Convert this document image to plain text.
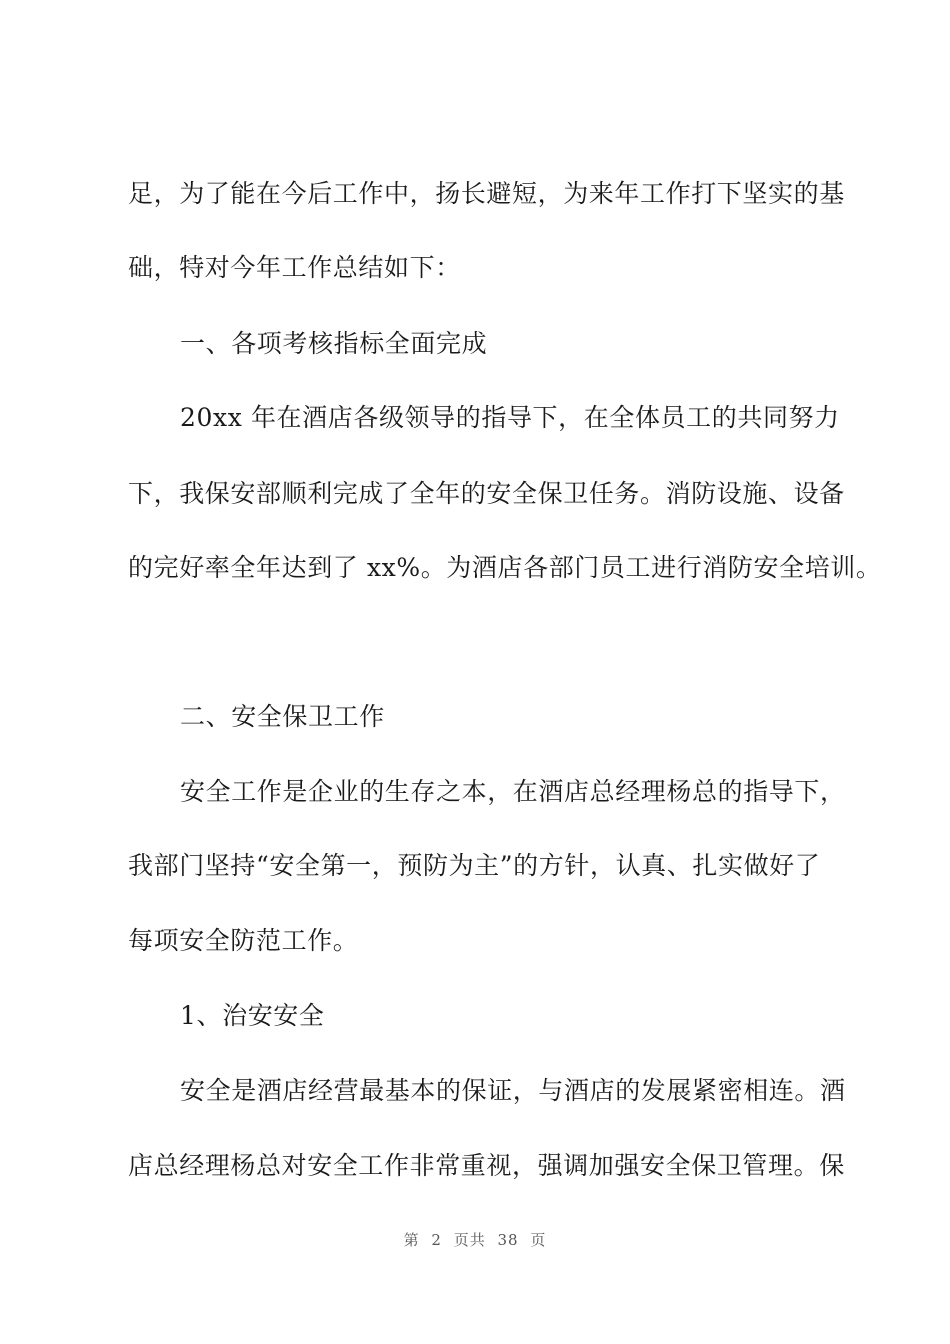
足，为了能在今后工作中，扬长避短，为来年工作打下坚实的基
础，特对今年工作总结如下：
一、各项考核指标全面完成
20xx 年在酒店各级领导的指导下，在全体员工的共同努力
下，我保安部顺利完成了全年的安全保卫任务。消防设施、设备
的完好率全年达到了 xx%。为酒店各部门员工进行消防安全培训。
二、安全保卫工作
安全工作是企业的生存之本，在酒店总经理杨总的指导下，
我部门坚持“安全第一，预防为主”的方针，认真、扎实做好了
每项安全防范工作。
1、治安安全
安全是酒店经营最基本的保证，与酒店的发展紧密相连。酒
店总经理杨总对安全工作非常重视，强调加强安全保卫管理。保
第 2 页共 38 页
